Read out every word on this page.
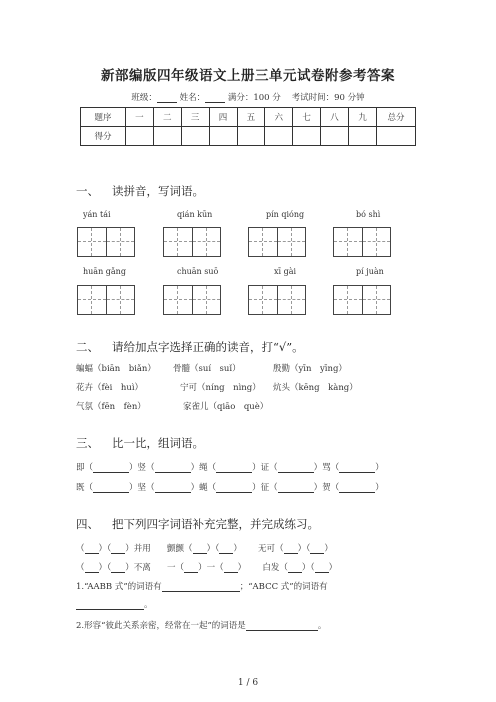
新部编版四年级语文上册三单元试卷附参考答案
班级：	姓名：	满分：100 分 考试时间：90 分钟
题序	一	二	三	四	五	六	七	八	九	总分
得分										
一、 读拼音，写词语。
yán tái	qián kūn	pín qióng	bó shì
huān gǎng	chuān suō	xī gài	pí juàn
二、 请给加点字选择正确的读音，打“√”。
蝙蝠（biān　biǎn） 骨髓（suí　suǐ）	殷勤（yīn　yīng）
花卉（fèi　huì）	宁可（níng　nìng） 炕头（kēng　kàng）
气氛（fēn　fèn）	家雀儿（qiāo　què）
三、 比一比，组词语。
即（	）竖（	）绳（	）证（	）骂（	）
既（	）坚（	）蝇（	）征（	）贺（	）
四、 把下列四字词语补充完整，并完成练习。
（ ）（ ）并用 颤颤（ ）（ ）      无可（ ）（ ）
（ ）（ ）不离 一（ ）一（ ）      白发（ ）（ ）
1.“AABB 式”的词语有	；“ABCC 式”的词语有
。
2.形容“彼此关系亲密，经常在一起”的词语是	。
1 / 6
